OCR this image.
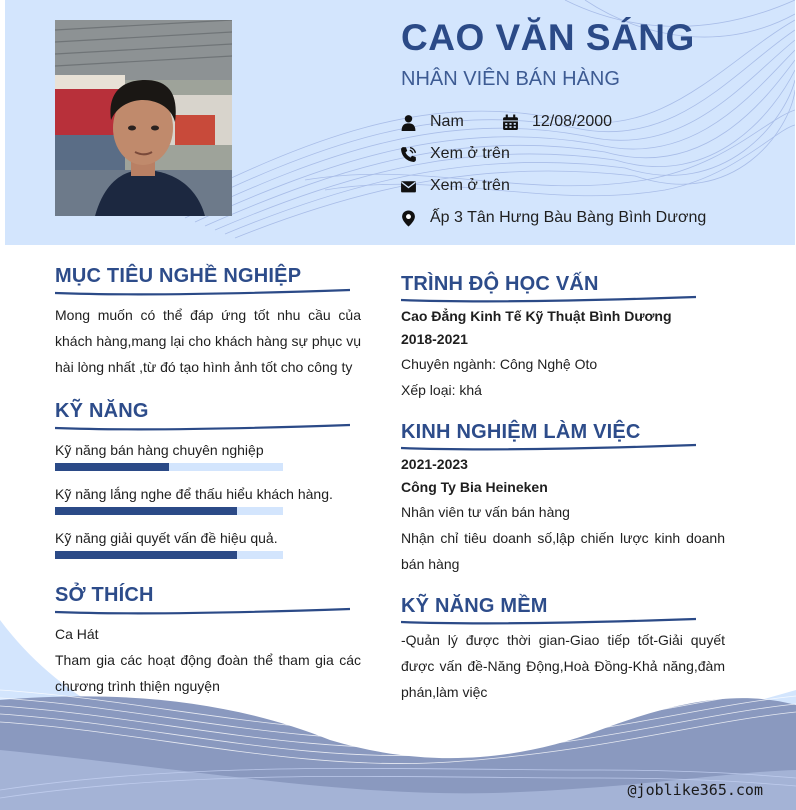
CAO VĂN SÁNG
NHÂN VIÊN BÁN HÀNG
Nam	12/08/2000
Xem ở trên
Xem ở trên
Ấp 3 Tân Hưng Bàu Bàng Bình Dương
MỤC TIÊU NGHỀ NGHIỆP
Mong muốn có thể đáp ứng tốt nhu cầu của khách hàng,mang lại cho khách hàng sự phục vụ hài lòng nhất ,từ đó tạo hình ảnh tốt cho công ty
KỸ NĂNG
Kỹ năng bán hàng chuyên nghiệp
Kỹ năng lắng nghe để thấu hiểu khách hàng.
Kỹ năng giải quyết vấn đề hiệu quả.
SỞ THÍCH
Ca Hát
Tham gia các hoạt động đoàn thể tham gia các chương trình thiện nguyện
TRÌNH ĐỘ HỌC VẤN
Cao Đẳng Kinh Tế Kỹ Thuật Bình Dương
2018-2021
Chuyên ngành: Công Nghệ Oto
Xếp loại: khá
KINH NGHIỆM LÀM VIỆC
2021-2023
Công Ty Bia Heineken
Nhân viên tư vấn bán hàng
Nhận chỉ tiêu doanh số,lập chiến lược kinh doanh bán hàng
KỸ NĂNG MỀM
-Quản lý được thời gian-Giao tiếp tốt-Giải quyết được vấn đề-Năng Động,Hoà Đồng-Khả năng,đàm phán,làm việc
@joblike365.com
